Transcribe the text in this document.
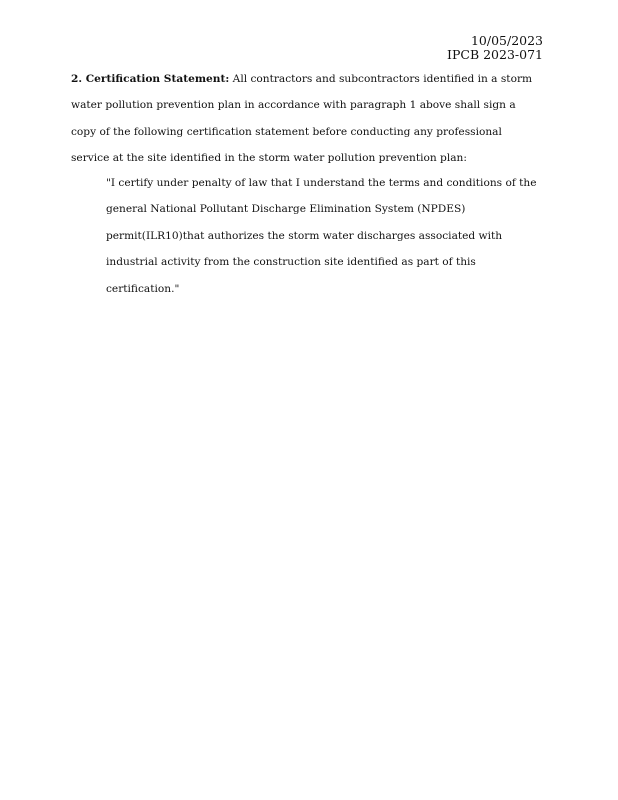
10/05/2023
IPCB 2023-071

2. Certification Statement: All contractors and subcontractors identified in a storm water pollution prevention plan in accordance with paragraph 1 above shall sign a copy of the following certification statement before conducting any professional service at the site identified in the storm water pollution prevention plan:

"I certify under penalty of law that I understand the terms and conditions of the general National Pollutant Discharge Elimination System (NPDES) permit(ILR10)that authorizes the storm water discharges associated with industrial activity from the construction site identified as part of this certification."
